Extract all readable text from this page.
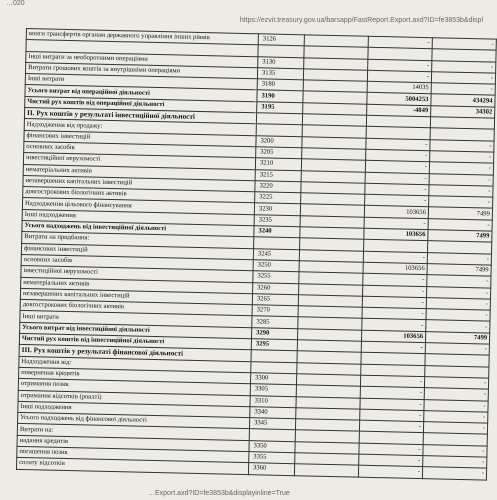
…020
https://ezvit.treasury.gov.ua/barsapp/FastReport.Export.axd?ID=fe3853b&displ
вонги трансфертів органам державного управління інших рівнів	3126		-	-

Інші витрати за необоротними операціями	3130		-	-
Витрати грошових коштів за внутрішніми операціями	3135		-	-
Інші витрати	3180		14035	-
Усього витрат від операційної діяльності	3190		5004253	434294
Чистий рух коштів від операційної діяльності	3195		-4849	34302
II. Рух коштів у результаті інвестиційної діяльності				
Надходження від продажу:				
фінансових інвестицій	3200		-	-
основних засобів	3205		-	-
інвестиційної нерухомості	3210		-	-
нематеріальних активів	3215		-	-
незавершених капітальних інвестицій	3220		-	-
довгострокових біологічних активів	3225		-	-
Надходження цільового фінансування	3230		103656	7499
Інші надходження	3235		-	-
Усього надходжень від інвестиційної діяльності	3240		103656	7499
Витрати на придбання:				
фінансових інвестицій	3245		-	-
основних засобів	3250		103656	7499
інвестиційної нерухомості	3255		-	-
нематеріальних активів	3260		-	-
незавершених капітальних інвестицій	3265		-	-
довгострокових біологічних активів	3270		-	-
Інші витрати	3285		-	-
Усього витрат від інвестиційної діяльності	3290		103656	7499
Чистий рух коштів від інвестиційної діяльності	3295		-	-
III. Рух коштів у результаті фінансової діяльності				
Надходження від:				
повернення кредитів	3300		-	-
отримання позик	3305		-	-
отримання відсотків (роялті)	3310		-	-
Інші надходження	3340		-	-
Усього надходжень від фінансової діяльності	3345		-	-
Витрати на:				
надання кредитів	3350		-	-
погашення позик	3355		-	-
сплату відсотків	3360		-	-
…Export.axd?ID=fe3853b&displayinline=True
